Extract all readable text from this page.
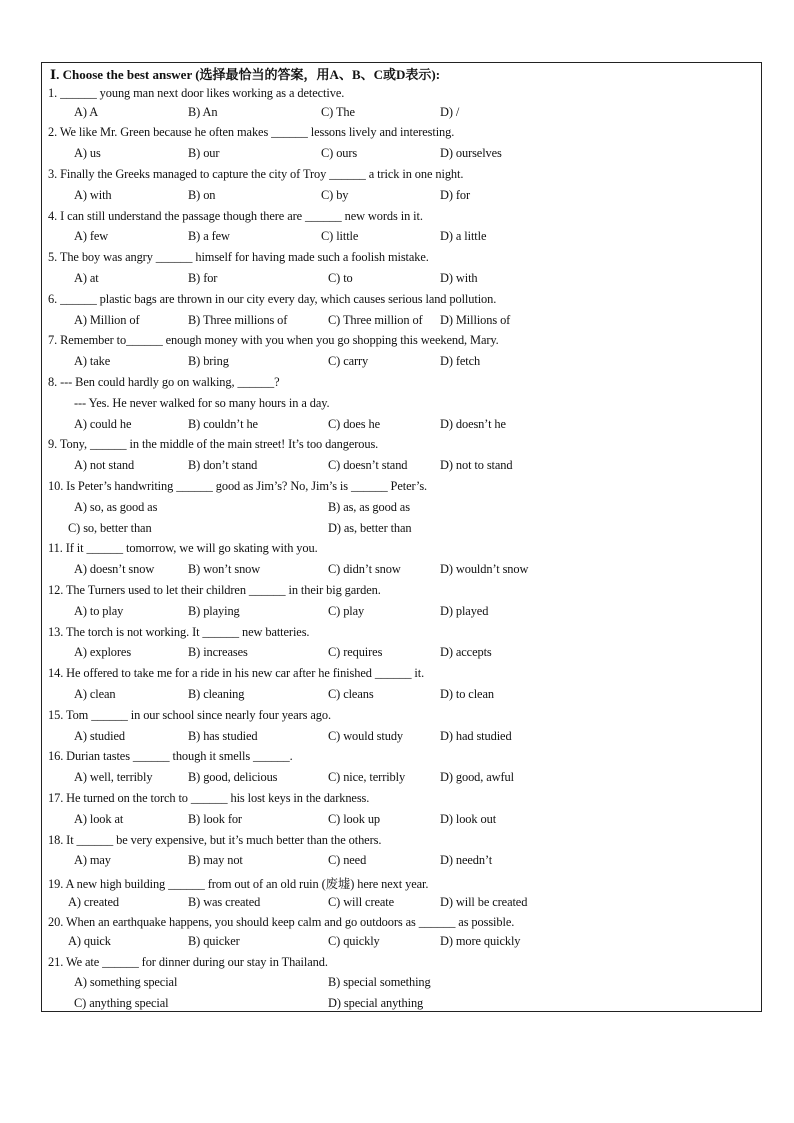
Ⅰ. Choose the best answer (选择最恰当的答案，用A、B、C或D表示):
1. ______ young man next door likes working as a detective.
A) A	B) An	C) The	D) /
2. We like Mr. Green because he often makes ______ lessons lively and interesting.
A) us	B) our	C) ours	D) ourselves
3. Finally the Greeks managed to capture the city of Troy ______ a trick in one night.
A) with	B) on	C) by	D) for
4. I can still understand the passage though there are ______ new words in it.
A) few	B) a few	C) little	D) a little
5. The boy was angry ______ himself for having made such a foolish mistake.
A) at	B) for	C) to	D) with
6. ______ plastic bags are thrown in our city every day, which causes serious land pollution.
A) Million of	B) Three millions of	C) Three million of D) Millions of
7. Remember to______ enough money with you when you go shopping this weekend, Mary.
A) take	B) bring	C) carry	D) fetch
8. --- Ben could hardly go on walking, ______?
--- Yes. He never walked for so many hours in a day.
A) could he	B) couldn’t he	C) does he	D) doesn’t he
9. Tony, ______ in the middle of the main street! It’s too dangerous.
A) not stand	B) don’t stand	C) doesn’t stand	D) not to stand
10. Is Peter’s handwriting ______ good as Jim’s? No, Jim’s is ______ Peter’s.
A) so, as good as	B) as, as good as
C) so, better than	D) as, better than
11. If it ______ tomorrow, we will go skating with you.
A) doesn’t snow	B) won’t snow	C) didn’t snow	D) wouldn’t snow
12. The Turners used to let their children ______ in their big garden.
A) to play	B) playing	C) play	D) played
13. The torch is not working. It ______ new batteries.
A) explores	B) increases	C) requires	D) accepts
14. He offered to take me for a ride in his new car after he finished ______ it.
A) clean	B) cleaning	C) cleans	D) to clean
15. Tom ______ in our school since nearly four years ago.
A) studied	B) has studied	C) would study	D) had studied
16. Durian tastes ______ though it smells ______.
A) well, terribly	B) good, delicious	C) nice, terribly	D) good, awful
17. He turned on the torch to ______ his lost keys in the darkness.
A) look at	B) look for	C) look up	D) look out
18. It ______ be very expensive, but it’s much better than the others.
A) may	B) may not	C) need	D) needn’t
19. A new high building ______ from out of an old ruin (废墟) here next year.
A) created	B) was created	C) will create	D) will be created
20. When an earthquake happens, you should keep calm and go outdoors as ______ as possible.
A) quick	B) quicker	C) quickly	D) more quickly
21. We ate ______ for dinner during our stay in Thailand.
A) something special	B) special something
C) anything special	D) special anything
